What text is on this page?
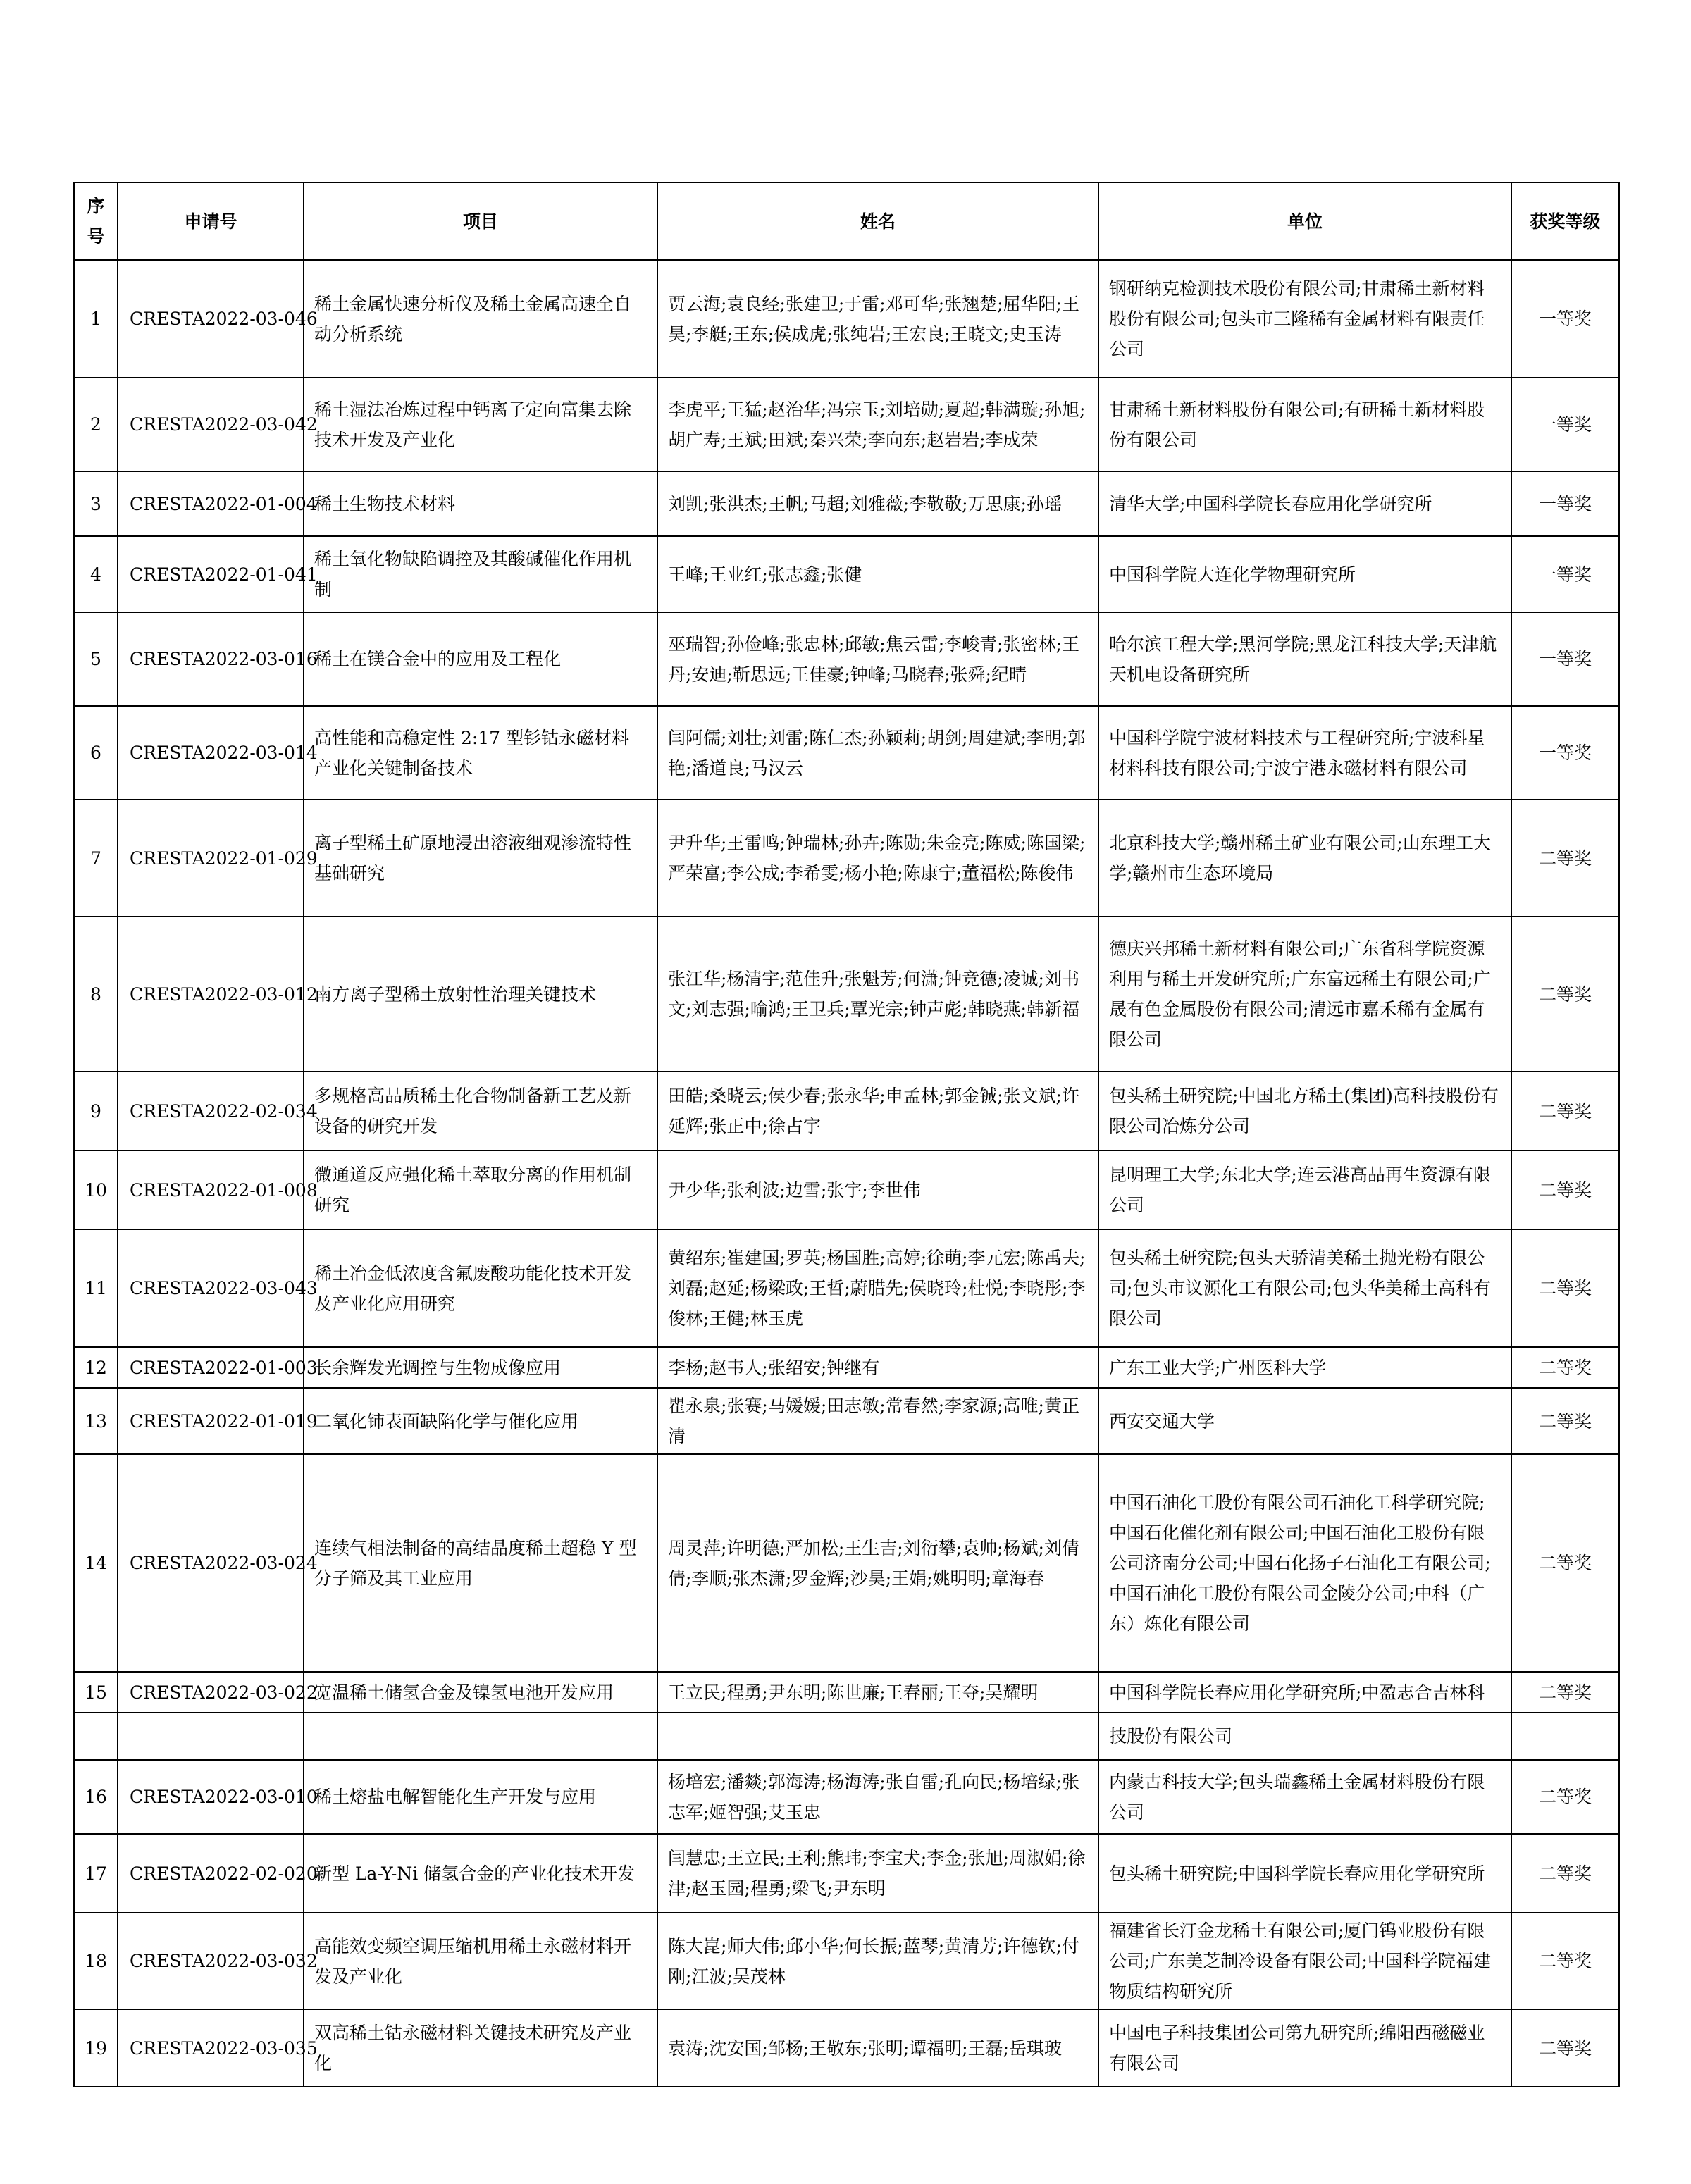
序号	申请号	项目	姓名	单位	获奖等级
1	CRESTA2022-03-046	稀土金属快速分析仪及稀土金属高速全自动分析系统	贾云海;袁良经;张建卫;于雷;邓可华;张翘楚;屈华阳;王昊;李艇;王东;侯成虎;张纯岩;王宏良;王晓文;史玉涛	钢研纳克检测技术股份有限公司;甘肃稀土新材料股份有限公司;包头市三隆稀有金属材料有限责任公司	一等奖
2	CRESTA2022-03-042	稀土湿法冶炼过程中钙离子定向富集去除技术开发及产业化	李虎平;王猛;赵治华;冯宗玉;刘培勋;夏超;韩满璇;孙旭;胡广寿;王斌;田斌;秦兴荣;李向东;赵岩岩;李成荣	甘肃稀土新材料股份有限公司;有研稀土新材料股份有限公司	一等奖
3	CRESTA2022-01-004	稀土生物技术材料	刘凯;张洪杰;王帆;马超;刘雅薇;李敬敬;万思康;孙瑶	清华大学;中国科学院长春应用化学研究所	一等奖
4	CRESTA2022-01-041	稀土氧化物缺陷调控及其酸碱催化作用机制	王峰;王业红;张志鑫;张健	中国科学院大连化学物理研究所	一等奖
5	CRESTA2022-03-016	稀土在镁合金中的应用及工程化	巫瑞智;孙俭峰;张忠林;邱敏;焦云雷;李峻青;张密林;王丹;安迪;靳思远;王佳豪;钟峰;马晓春;张舜;纪晴	哈尔滨工程大学;黑河学院;黑龙江科技大学;天津航天机电设备研究所	一等奖
6	CRESTA2022-03-014	高性能和高稳定性 2:17 型钐钴永磁材料产业化关键制备技术	闫阿儒;刘壮;刘雷;陈仁杰;孙颖莉;胡剑;周建斌;李明;郭艳;潘道良;马汉云	中国科学院宁波材料技术与工程研究所;宁波科星材料科技有限公司;宁波宁港永磁材料有限公司	一等奖
7	CRESTA2022-01-029	离子型稀土矿原地浸出溶液细观渗流特性基础研究	尹升华;王雷鸣;钟瑞林;孙卉;陈勋;朱金亮;陈威;陈国梁;严荣富;李公成;李希雯;杨小艳;陈康宁;董福松;陈俊伟	北京科技大学;赣州稀土矿业有限公司;山东理工大学;赣州市生态环境局	二等奖
8	CRESTA2022-03-012	南方离子型稀土放射性治理关键技术	张江华;杨清宇;范佳升;张魁芳;何潇;钟竞德;凌诚;刘书文;刘志强;喻鸿;王卫兵;覃光宗;钟声彪;韩晓燕;韩新福	德庆兴邦稀土新材料有限公司;广东省科学院资源利用与稀土开发研究所;广东富远稀土有限公司;广晟有色金属股份有限公司;清远市嘉禾稀有金属有限公司	二等奖
9	CRESTA2022-02-034	多规格高品质稀土化合物制备新工艺及新设备的研究开发	田皓;桑晓云;侯少春;张永华;申孟林;郭金铖;张文斌;许延辉;张正中;徐占宇	包头稀土研究院;中国北方稀土(集团)高科技股份有限公司冶炼分公司	二等奖
10	CRESTA2022-01-008	微通道反应强化稀土萃取分离的作用机制研究	尹少华;张利波;边雪;张宇;李世伟	昆明理工大学;东北大学;连云港高品再生资源有限公司	二等奖
11	CRESTA2022-03-043	稀土冶金低浓度含氟废酸功能化技术开发及产业化应用研究	黄绍东;崔建国;罗英;杨国胜;高婷;徐萌;李元宏;陈禹夫;刘磊;赵延;杨梁政;王哲;蔚腊先;侯晓玲;杜悦;李晓彤;李俊林;王健;林玉虎	包头稀土研究院;包头天骄清美稀土抛光粉有限公司;包头市议源化工有限公司;包头华美稀土高科有限公司	二等奖
12	CRESTA2022-01-003	长余辉发光调控与生物成像应用	李杨;赵韦人;张绍安;钟继有	广东工业大学;广州医科大学	二等奖
13	CRESTA2022-01-019	二氧化铈表面缺陷化学与催化应用	瞿永泉;张赛;马媛媛;田志敏;常春然;李家源;高唯;黄正清	西安交通大学	二等奖
14	CRESTA2022-03-024	连续气相法制备的高结晶度稀土超稳 Y 型分子筛及其工业应用	周灵萍;许明德;严加松;王生吉;刘衍攀;袁帅;杨斌;刘倩倩;李顺;张杰潇;罗金辉;沙昊;王娟;姚明明;章海春	中国石油化工股份有限公司石油化工科学研究院;中国石化催化剂有限公司;中国石油化工股份有限公司济南分公司;中国石化扬子石油化工有限公司;中国石油化工股份有限公司金陵分公司;中科（广东）炼化有限公司	二等奖
15	CRESTA2022-03-022	宽温稀土储氢合金及镍氢电池开发应用	王立民;程勇;尹东明;陈世廉;王春丽;王夺;吴耀明	中国科学院长春应用化学研究所;中盈志合吉林科	二等奖
				技股份有限公司	
16	CRESTA2022-03-010	稀土熔盐电解智能化生产开发与应用	杨培宏;潘燚;郭海涛;杨海涛;张自雷;孔向民;杨培绿;张志军;姬智强;艾玉忠	内蒙古科技大学;包头瑞鑫稀土金属材料股份有限公司	二等奖
17	CRESTA2022-02-020	新型 La-Y-Ni 储氢合金的产业化技术开发	闫慧忠;王立民;王利;熊玮;李宝犬;李金;张旭;周淑娟;徐津;赵玉园;程勇;梁飞;尹东明	包头稀土研究院;中国科学院长春应用化学研究所	二等奖
18	CRESTA2022-03-032	高能效变频空调压缩机用稀土永磁材料开发及产业化	陈大崑;师大伟;邱小华;何长振;蓝琴;黄清芳;许德钦;付刚;江波;吴茂林	福建省长汀金龙稀土有限公司;厦门钨业股份有限公司;广东美芝制冷设备有限公司;中国科学院福建物质结构研究所	二等奖
19	CRESTA2022-03-035	双高稀土钴永磁材料关键技术研究及产业化	袁涛;沈安国;邹杨;王敬东;张明;谭福明;王磊;岳琪玻	中国电子科技集团公司第九研究所;绵阳西磁磁业有限公司	二等奖
